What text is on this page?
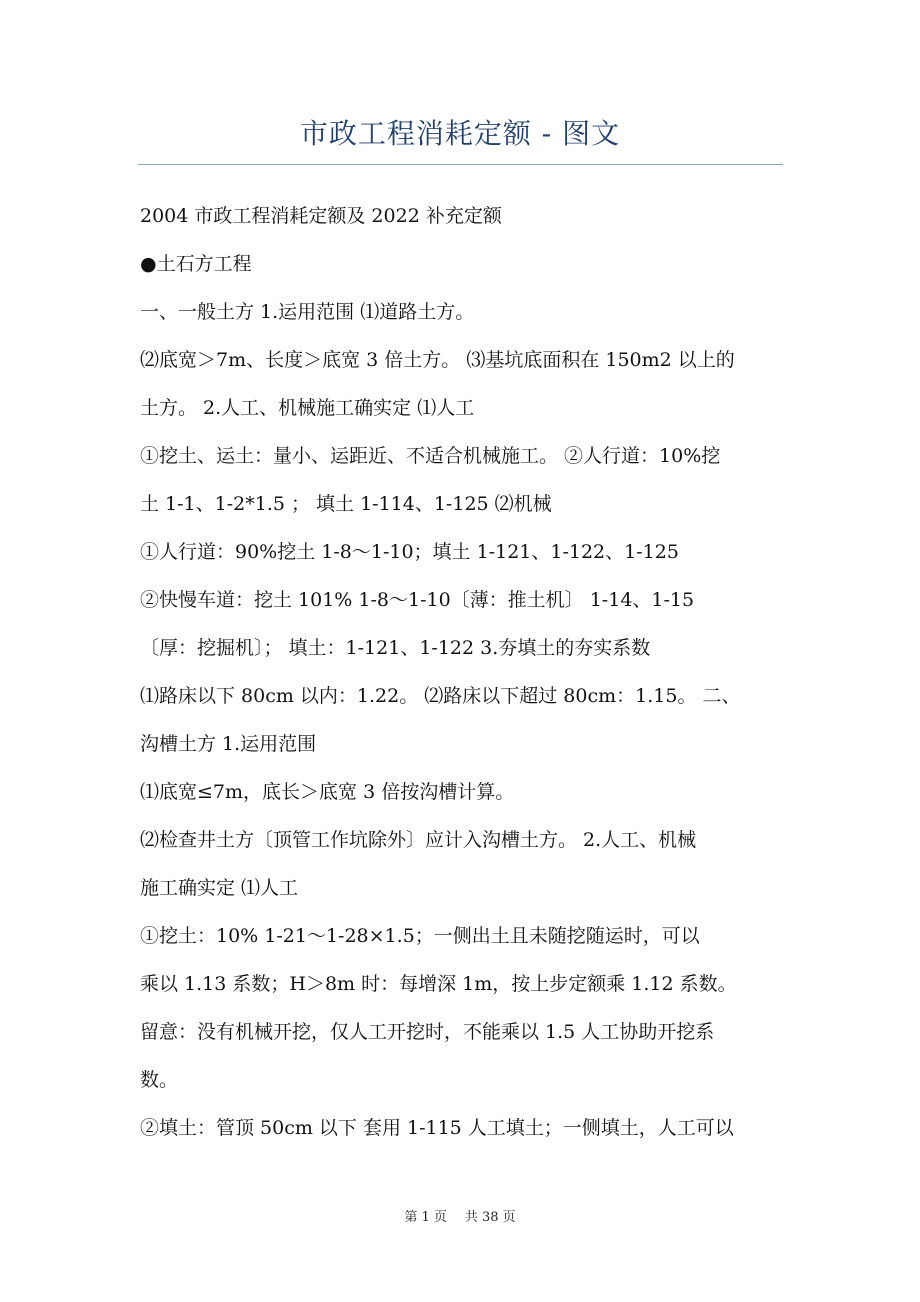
市政工程消耗定额 - 图文
2004 市政工程消耗定额及 2022 补充定额
●土石方工程
一、一般土方 1.运用范围 ⑴道路土方。
⑵底宽＞7m、长度＞底宽 3 倍土方。 ⑶基坑底面积在 150m2 以上的
土方。 2.人工、机械施工确实定 ⑴人工
①挖土、运土：量小、运距近、不适合机械施工。 ②人行道：10%挖
土 1-1、1-2*1.5 ； 填土 1-114、1-125 ⑵机械
①人行道：90%挖土 1-8～1-10；填土 1-121、1-122、1-125
②快慢车道：挖土 101% 1-8～1-10〔薄：推土机〕 1-14、1-15
〔厚：挖掘机〕； 填土：1-121、1-122 3.夯填土的夯实系数
⑴路床以下 80cm 以内：1.22。 ⑵路床以下超过 80cm：1.15。 二、
沟槽土方 1.运用范围
⑴底宽≤7m，底长＞底宽 3 倍按沟槽计算。
⑵检查井土方〔顶管工作坑除外〕应计入沟槽土方。 2.人工、机械
施工确实定 ⑴人工
①挖土：10% 1-21～1-28×1.5；一侧出土且未随挖随运时，可以
乘以 1.13 系数；H＞8m 时：每增深 1m，按上步定额乘 1.12 系数。
留意：没有机械开挖，仅人工开挖时，不能乘以 1.5 人工协助开挖系
数。
②填土：管顶 50cm 以下 套用 1-115 人工填土；一侧填土，人工可以
第 1 页 共 38 页
